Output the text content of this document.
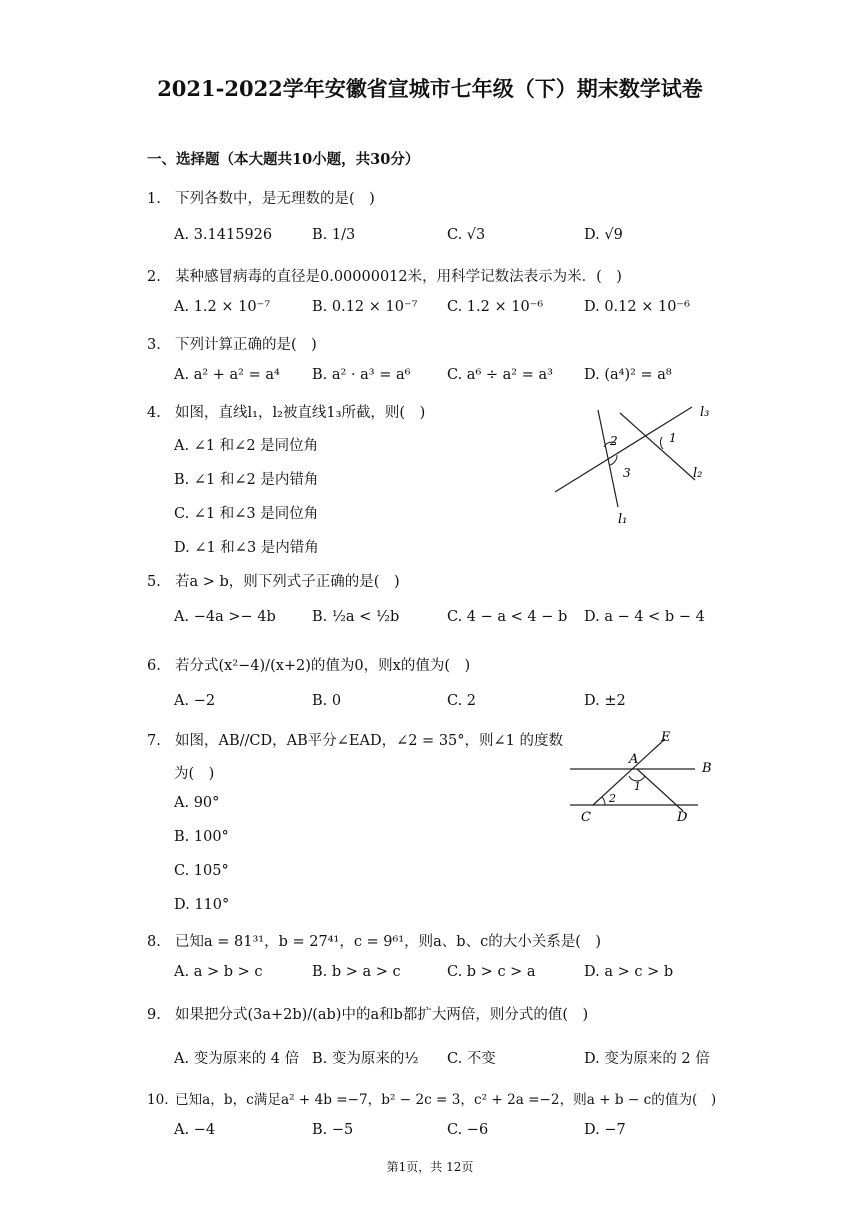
2021-2022学年安徽省宣城市七年级（下）期末数学试卷
一、选择题（本大题共10小题，共30分）
1. 下列各数中，是无理数的是( )
A. 3.1415926	B. 1/3	C. √3	D. √9
2. 某种感冒病毒的直径是0.00000012米，用科学记数法表示为米．( )
A. 1.2 × 10⁻⁷	B. 0.12 × 10⁻⁷ C. 1.2 × 10⁻⁶	D. 0.12 × 10⁻⁶
3. 下列计算正确的是( )
A. a² + a² = a⁴ B. a² · a³ = a⁶	C. a⁶ ÷ a² = a³ D. (a⁴)² = a⁸
4. 如图，直线l₁，l₂被直线1₃所截，则( )
A. ∠1 和∠2 是同位角
B. ∠1 和∠2 是内错角
C. ∠1 和∠3 是同位角
D. ∠1 和∠3 是内错角
l₃
l₂
l₁
1
2
3
5. 若a > b，则下列式子正确的是( )
A. −4a >− 4b	B. ½a < ½b	C. 4 − a < 4 − b D. a − 4 < b − 4
6. 若分式(x²−4)/(x+2)的值为0，则x的值为( )
A. −2	B. 0	C. 2	D. ±2
7. 如图，AB//CD，AB平分∠EAD，∠2 = 35°，则∠1 的度数
为( )
A. 90°
B. 100°
C. 105°
D. 110°
E
A
B
1
2
C	D
8. 已知a = 81³¹，b = 27⁴¹，c = 9⁶¹，则a、b、c的大小关系是( )
A. a > b > c	B. b > a > c	C. b > c > a	D. a > c > b
9. 如果把分式(3a+2b)/(ab)中的a和b都扩大两倍，则分式的值( )
A. 变为原来的 4 倍 B. 变为原来的½ C. 不变	D. 变为原来的 2 倍
10. 已知a，b，c满足a² + 4b =−7，b² − 2c = 3，c² + 2a =−2，则a + b − c的值为( )
A. −4	B. −5	C. −6	D. −7
第1页，共 12页
